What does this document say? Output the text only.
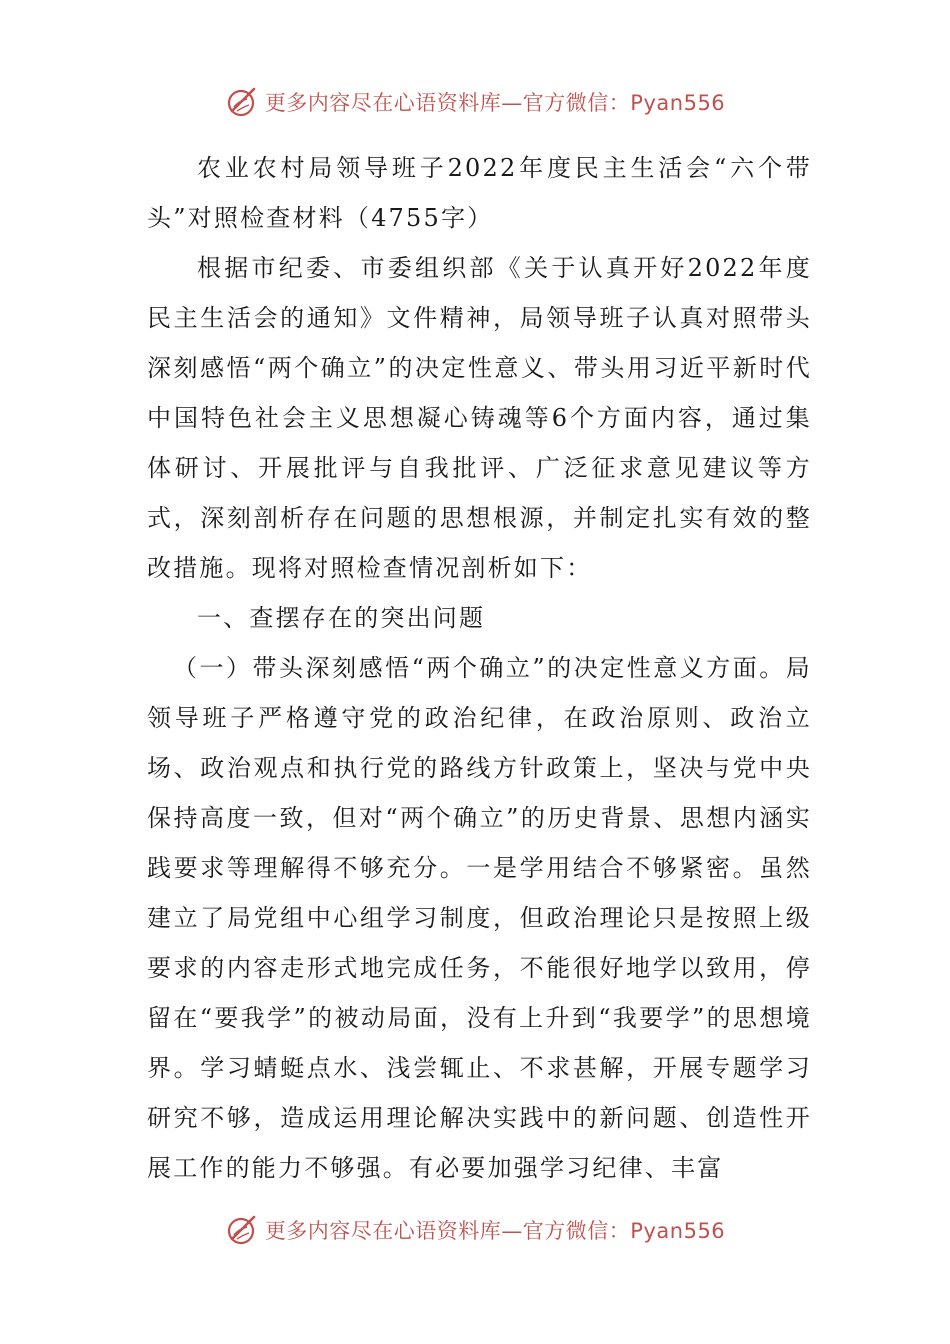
更多内容尽在心语资料库—官方微信：Pyan556

农业农村局领导班子2022年度民主生活会“六个带头”对照检查材料（4755字）

根据市纪委、市委组织部《关于认真开好2022年度民主生活会的通知》文件精神，局领导班子认真对照带头深刻感悟“两个确立”的决定性意义、带头用习近平新时代中国特色社会主义思想凝心铸魂等6个方面内容，通过集体研讨、开展批评与自我批评、广泛征求意见建议等方式，深刻剖析存在问题的思想根源，并制定扎实有效的整改措施。现将对照检查情况剖析如下：

一、查摆存在的突出问题

（一）带头深刻感悟“两个确立”的决定性意义方面。局领导班子严格遵守党的政治纪律，在政治原则、政治立场、政治观点和执行党的路线方针政策上，坚决与党中央保持高度一致，但对“两个确立”的历史背景、思想内涵实践要求等理解得不够充分。一是学用结合不够紧密。虽然建立了局党组中心组学习制度，但政治理论只是按照上级要求的内容走形式地完成任务，不能很好地学以致用，停留在“要我学”的被动局面，没有上升到“我要学”的思想境界。学习蜻蜓点水、浅尝辄止、不求甚解，开展专题学习研究不够，造成运用理论解决实践中的新问题、创造性开展工作的能力不够强。有必要加强学习纪律、丰富

更多内容尽在心语资料库—官方微信：Pyan556
